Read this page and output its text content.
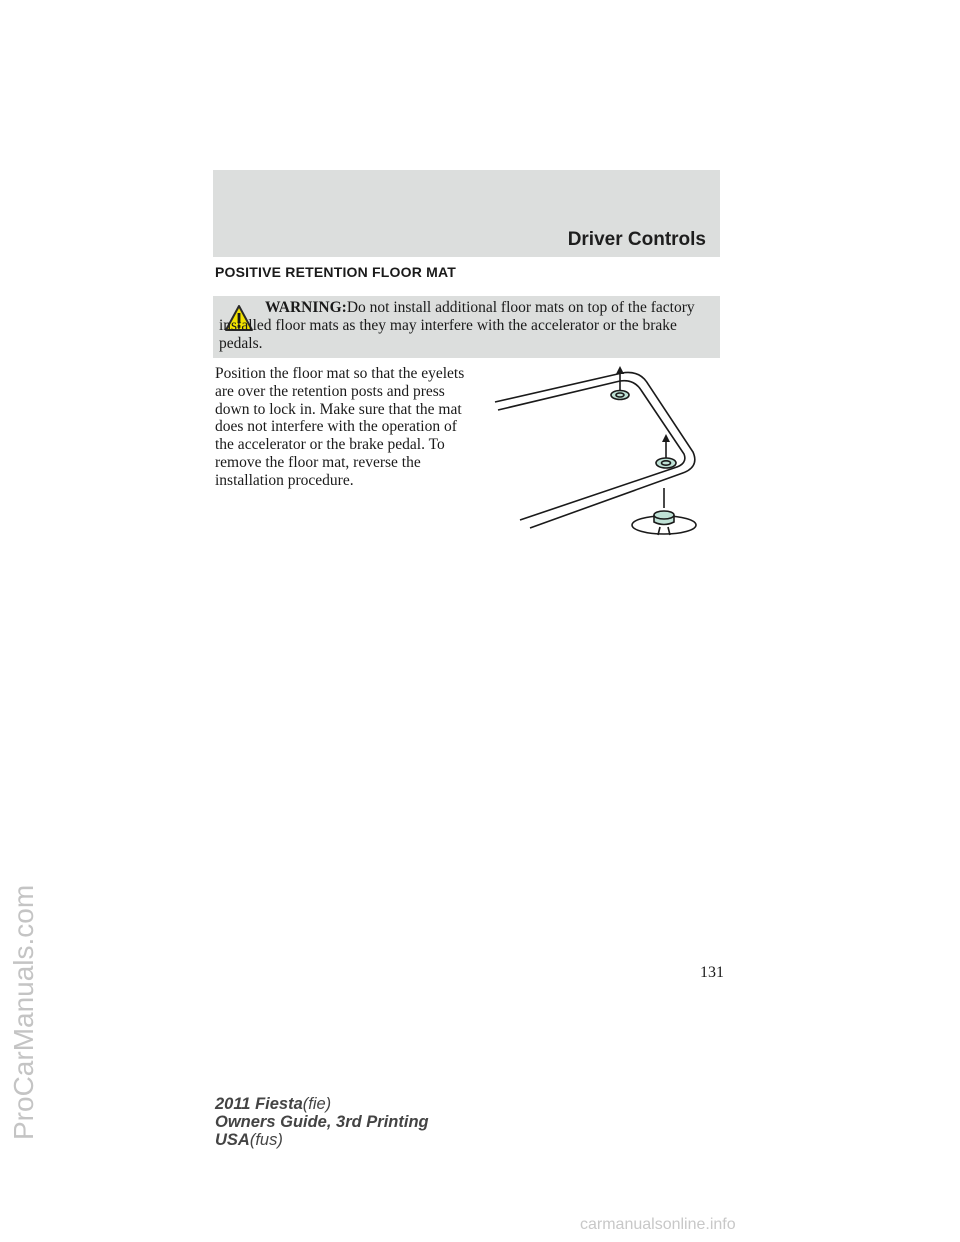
Driver Controls
POSITIVE RETENTION FLOOR MAT
WARNING:Do not install additional floor mats on top of the factory installed floor mats as they may interfere with the accelerator or the brake pedals.
Position the floor mat so that the eyelets are over the retention posts and press down to lock in. Make sure that the mat does not interfere with the operation of the accelerator or the brake pedal. To remove the floor mat, reverse the installation procedure.
131
2011 Fiesta(fie)
Owners Guide, 3rd Printing
USA(fus)
ProCarManuals.com
carmanualsonline.info
